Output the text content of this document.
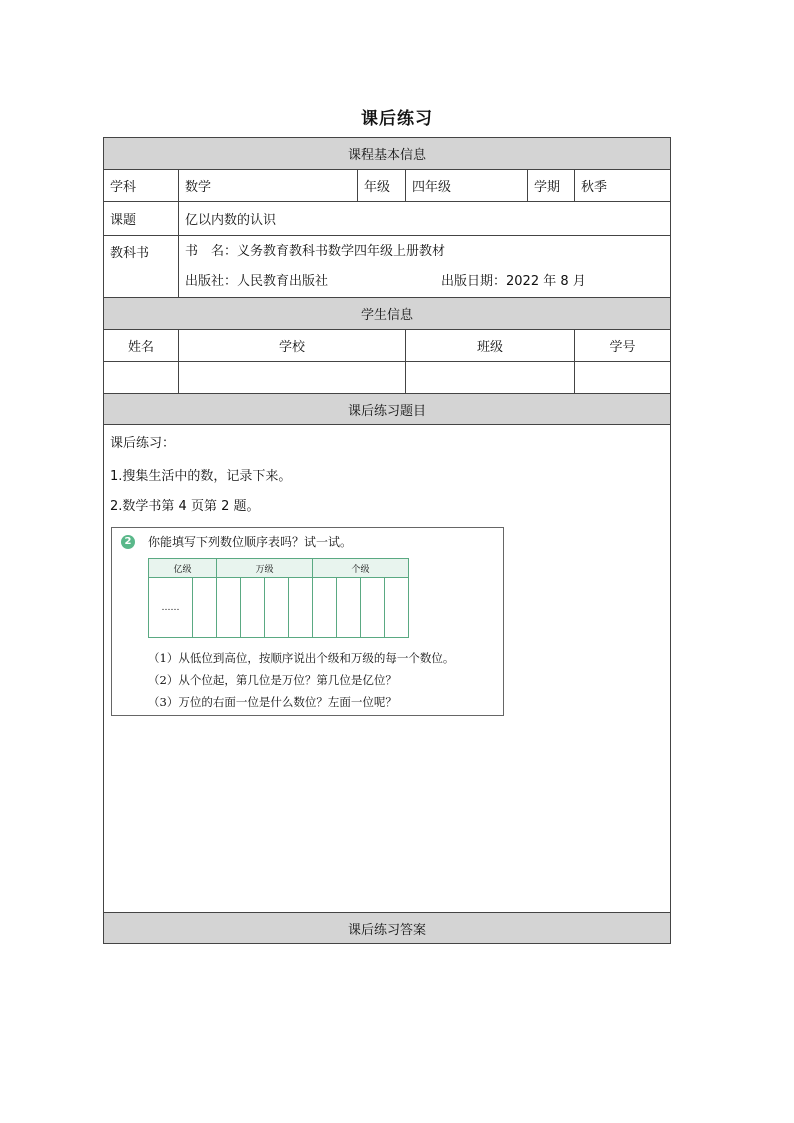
课后练习
课程基本信息
学科	数学	年级	四年级	学期	秋季
课题	亿以内数的认识
教科书	书　名：义务教育教科书数学四年级上册教材
出版社：人民教育出版社	出版日期：2022 年 8 月

学生信息
姓名	学校	班级	学号

课后练习题目

课后练习：
1.搜集生活中的数，记录下来。
2.数学书第 4 页第 2 题。
2 你能填写下列数位顺序表吗？试一试。
亿级	万级	个级
……									
（1）从低位到高位，按顺序说出个级和万级的每一个数位。
（2）从个位起，第几位是万位？第几位是亿位？
（3）万位的右面一位是什么数位？左面一位呢？

课后练习答案
